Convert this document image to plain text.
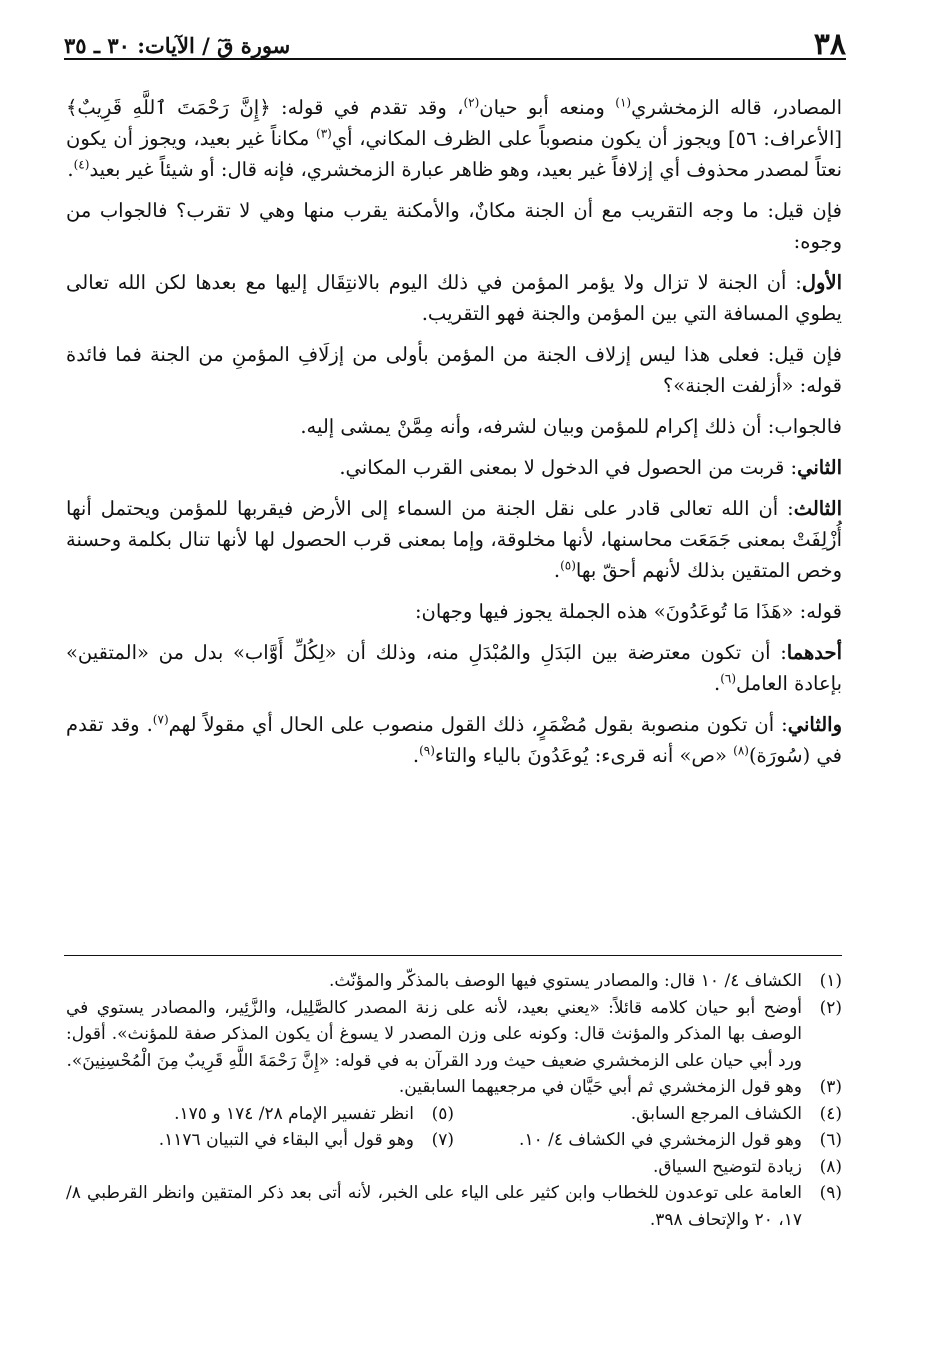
٣٨
سورة قٓ / الآيات: ٣٠ ـ ٣٥

المصادر، قاله الزمخشري$^{(١)}$ ومنعه أبو حيان$^{(٢)}$، وقد تقدم في قوله: ﴿إِنَّ رَحْمَتَ ٱللَّهِ قَرِيبٌ﴾ [الأعراف: ٥٦] ويجوز أن يكون منصوباً على الظرف المكاني، أي$^{(٣)}$ مكاناً غير بعيد، ويجوز أن يكون نعتاً لمصدر محذوف أي إزلافاً غير بعيد، وهو ظاهر عبارة الزمخشري، فإنه قال: أو شيئاً غير بعيد$^{(٤)}$.

فإن قيل: ما وجه التقريب مع أن الجنة مكانٌ، والأمكنة يقرب منها وهي لا تقرب؟ فالجواب من وجوه:

الأول: أن الجنة لا تزال ولا يؤمر المؤمن في ذلك اليوم بالانتِقَال إليها مع بعدها لكن الله تعالى يطوي المسافة التي بين المؤمن والجنة فهو التقريب.

فإن قيل: فعلى هذا ليس إزلاف الجنة من المؤمن بأولى من إزلَافِ المؤمنِ من الجنة فما فائدة قوله: «أزلفت الجنة»؟

فالجواب: أن ذلك إكرام للمؤمن وبيان لشرفه، وأنه مِمَّنْ يمشى إليه.

الثاني: قربت من الحصول في الدخول لا بمعنى القرب المكاني.

الثالث: أن الله تعالى قادر على نقل الجنة من السماء إلى الأرض فيقربها للمؤمن ويحتمل أنها أُزْلِفَتْ بمعنى جَمَعَت محاسنها، لأنها مخلوقة، وإما بمعنى قرب الحصول لها لأنها تنال بكلمة وحسنة وخص المتقين بذلك لأنهم أحقّ بها$^{(٥)}$.

قوله: «هَذَا مَا تُوعَدُونَ» هذه الجملة يجوز فيها وجهان:

أحدهما: أن تكون معترضة بين البَدَلِ والمُبْدَلِ منه، وذلك أن «لِكُلِّ أَوَّاب» بدل من «المتقين» بإعادة العامل$^{(٦)}$.

والثاني: أن تكون منصوبة بقول مُضْمَرٍ، ذلك القول منصوب على الحال أي مقولاً لهم$^{(٧)}$. وقد تقدم في (سُورَة)$^{(٨)}$ «ص» أنه قرىء: يُوعَدُونَ بالياء والتاء$^{(٩)}$.

(١)
الكشاف ٤/ ١٠ قال: والمصادر يستوي فيها الوصف بالمذكّر والمؤنّث.
(٢)
أوضح أبو حيان كلامه قائلاً: «يعني بعيد، لأنه على زنة المصدر كالصَّلِيل، والزَّئِير، والمصادر يستوي في الوصف بها المذكر والمؤنث قال: وكونه على وزن المصدر لا يسوغ أن يكون المذكر صفة للمؤنث». أقول: ورد أبي حيان على الزمخشري ضعيف حيث ورد القرآن به في قوله: «إِنَّ رَحْمَةَ اللَّهِ قَرِيبٌ مِنَ الْمُحْسِنِينَ».
(٣)
وهو قول الزمخشري ثم أبي حَيَّان في مرجعيهما السابقين.
(٤)
الكشاف المرجع السابق.
(٥)
انظر تفسير الإمام ٢٨/ ١٧٤ و ١٧٥.
(٦)
وهو قول الزمخشري في الكشاف ٤/ ١٠.
(٧)
وهو قول أبي البقاء في التبيان ١١٧٦.
(٨)
زيادة لتوضيح السياق.
(٩)
العامة على توعدون للخطاب وابن كثير على الياء على الخبر، لأنه أتى بعد ذكر المتقين وانظر القرطبي ٨/ ١٧، ٢٠ والإتحاف ٣٩٨.
